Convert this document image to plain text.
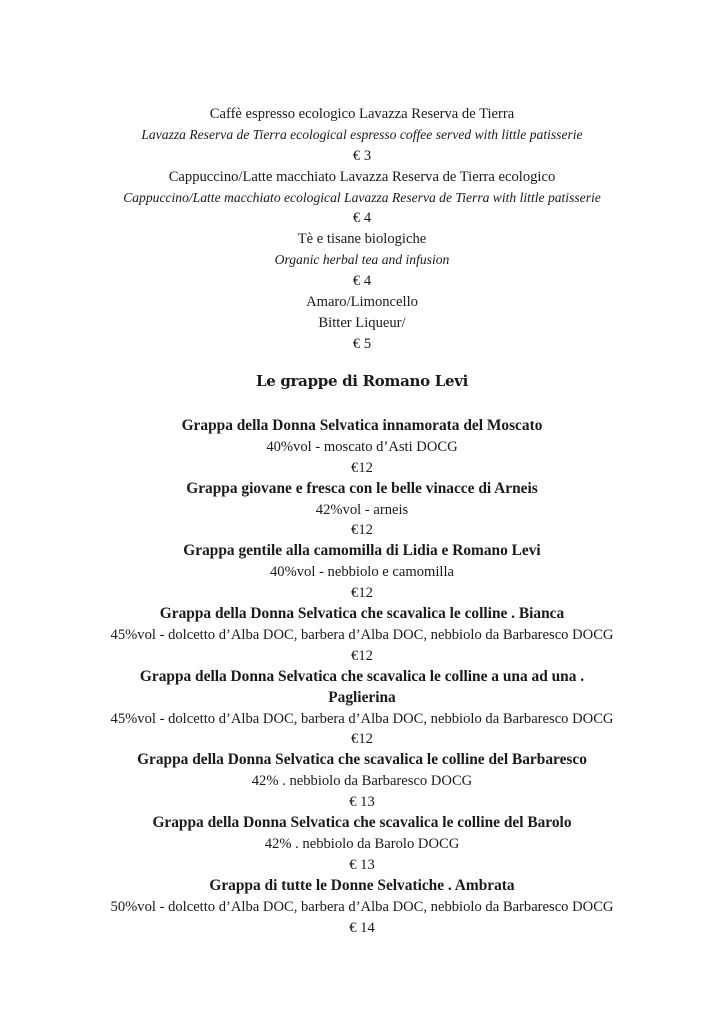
Caffè espresso ecologico Lavazza Reserva de Tierra
Lavazza Reserva de Tierra ecological espresso coffee served with little patisserie
€ 3
Cappuccino/Latte macchiato Lavazza Reserva de Tierra ecologico
Cappuccino/Latte macchiato ecological Lavazza Reserva de Tierra with little patisserie
€ 4
Tè e tisane biologiche
Organic herbal tea and infusion
€ 4
Amaro/Limoncello
Bitter Liqueur/
€ 5
Le grappe di Romano Levi
Grappa della Donna Selvatica innamorata del Moscato
40%vol - moscato d’Asti DOCG
€12
Grappa giovane e fresca con le belle vinacce di Arneis
42%vol - arneis
€12
Grappa gentile alla camomilla di Lidia e Romano Levi
40%vol - nebbiolo e camomilla
€12
Grappa della Donna Selvatica che scavalica le colline . Bianca
45%vol - dolcetto d’Alba DOC, barbera d’Alba DOC, nebbiolo da Barbaresco DOCG
€12
Grappa della Donna Selvatica che scavalica le colline a una ad una .
Paglierina
45%vol - dolcetto d’Alba DOC, barbera d’Alba DOC, nebbiolo da Barbaresco DOCG
€12
Grappa della Donna Selvatica che scavalica le colline del Barbaresco
42% . nebbiolo da Barbaresco DOCG
€ 13
Grappa della Donna Selvatica che scavalica le colline del Barolo
42% . nebbiolo da Barolo DOCG
€ 13
Grappa di tutte le Donne Selvatiche . Ambrata
50%vol - dolcetto d’Alba DOC, barbera d’Alba DOC, nebbiolo da Barbaresco DOCG
€ 14
